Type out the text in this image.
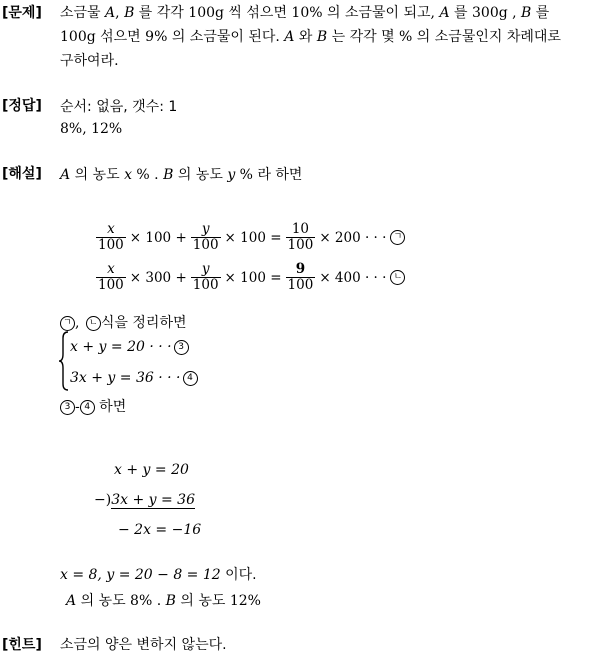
[문제] 소금물 A, B 를 각각 100g 씩 섞으면 10% 의 소금물이 되고, A 를 300g , B 를
100g 섞으면 9% 의 소금물이 된다. A 와 B 는 각각 몇 % 의 소금물인지 차례대로
구하여라.
[정답] 순서: 없음, 갯수: 1
8%, 12%
[해설] A 의 농도 x % . B 의 농도 y % 라 하면
$\frac{x}{100} \times 100 + \frac{y}{100} \times 100 = \frac{10}{100} \times 200$ · · · ㄱ
$\frac{x}{100} \times 300 + \frac{y}{100} \times 100 = \frac{9}{100} \times 400$ · · · ㄴ
ㄱ , ㄴ 식을 정리하면
x + y = 20 · · · 3
3x + y = 36 · · · 4
3 - 4 하면
x + y = 20
−)3x + y = 36
− 2x = −16
x = 8, y = 20 − 8 = 12 이다.
A 의 농도 8% . B 의 농도 12%
[힌트] 소금의 양은 변하지 않는다.
